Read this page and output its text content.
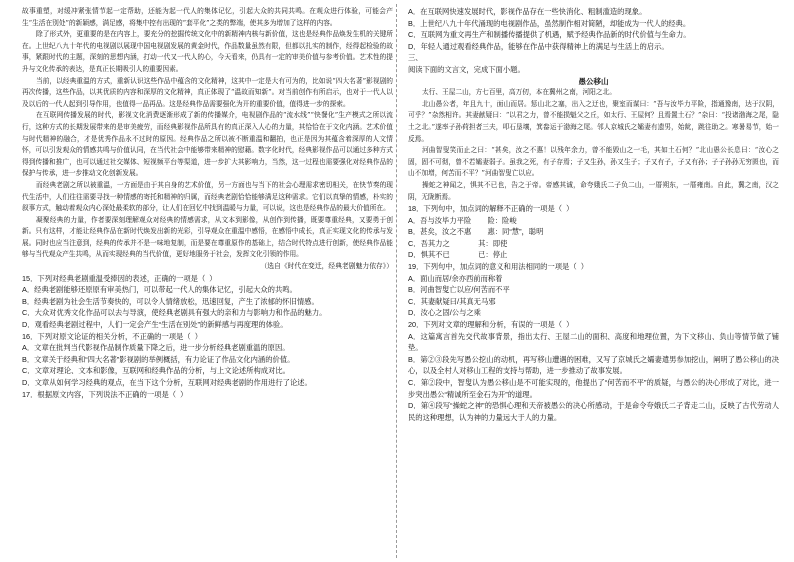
故事重塑，对缓冲紧张情节起一定帮助，还能为起一代人的集体记忆，引起大众的共同共鸣。在观众进行体验，可能会产生“生活在别处”的新颖感，满足感，将集中控有出现的“套平化”之类的弊端，使其多为增加了这样的内容。

除了形式外，更重要的是在内容上，要充分的挖掘传统文化中的新精神内核与新价值，这也是经典作品焕发生机的关键所在。上世纪八九十年代的电视剧以展现中国电视剧发展的黄金时代，作品数量虽然有限，但都以扎实的制作，经得起检验的故事，紧跟时代的主题，深刻的思想内涵，打动一代又一代人的心，今天看来，仍具有一定的审美价值与参考价值。艺术性的提升与文化传承的表达，是真正长期吸引人的重要因素。

当前，以经典重温的方式，重新认识这些作品中蕴含的文化精神，这其中一定是大有可为的，比如说“四大名著”影视剧的再次传播，这些作品，以其优质的内容和深厚的文化精神，真正体现了“温故而知新”。对当前创作有所启示，也对于一代人以及以后的一代人起到引导作用，也值得一品再品。这是经典作品需要强化为开的重要价值，值得进一步的探索。

在互联网传播发展的时代，影视文化消费逐渐形成了新的传播媒介，电视剧作品的“流水线”“快餐化”生产模式之所以流行，这种方式的长期发展带来的是审美疲劳，而经典影视作品所具有的真正深入人心的力量，其恰恰在于文化内涵。艺术价值与时代精神的融合，才是优秀作品永不过时的原因。经典作品之所以被不断重温和翻拍，也正是因为其蕴含着深厚的人文情怀，可以引发观众的情感共鸣与价值认同，在当代社会中能够带来精神的慰藉。数字化时代，经典影视作品可以通过多种方式得到传播和推广，也可以通过社交媒体、短视频平台等渠道，进一步扩大其影响力，当然，这一过程也需要强化对经典作品的保护与传承，进一步推动文化创新发展。

而经典老剧之所以被重温，一方面是由于其自身的艺术价值，另一方面也与当下的社会心理需求密切相关，在快节奏的现代生活中，人们往往需要寻找一种情感的寄托和精神的归属，而经典老剧恰恰能够满足这种需求。它们以真挚的情感，朴实的叙事方式，触动着观众内心深处最柔软的部分，让人们在回忆中找到温暖与力量，可以说，这也是经典作品的最大价值所在。

凝聚经典的力量，作者要深刻理解观众对经典的情感需求，从文本到影像，从创作到传播，既要尊重经典，又要勇于创新。只有这样，才能让经典作品在新时代焕发出新的光彩，引导观众在重温中感悟，在感悟中成长，真正实现文化的传承与发展。同时也应当注意到，经典的传承并不是一味地复制，而是要在尊重原作的基础上，结合时代特点进行创新，使经典作品能够与当代观众产生共鸣，从而实现经典的当代价值，更好地服务于社会，发挥文化引领的作用。

（选自《时代在变迁，经典老剧魅力依存》）

15．下列对经典老剧重温受捧因的表述，正确的一项是（  ）

A．经典老剧能够还原原有审美热门，可以带起一代人的集体记忆，引起大众的共鸣。

B．经典老剧为社会生活节奏快的，可以令人情绪放松，迅速回复，产生了浓郁的怀旧情感。

C．大众对优秀文化作品可以去与导演，使经典老剧具有强大的亲和力与影响力和作品的魅力。

D．观看经典老剧过程中，人们一定会产生“生活在别处”的新鲜感与再度理的体验。

16．下列对原文论证的相关分析，不正确的一项是（  ）

A．文章在批判当代影视作品制作质量下降之后，进一步分析经典老剧重温的原因。

B．文章关于经典和“四大名著”影视剧的举例概括，有力论证了作品文化内涵的价值。

C．文章对理论、文本和影像，互联网和经典作品的分析，与上文论述所构成对比。

D．文章从如何学习经典的观点，在当下这个分析，互联网对经典老剧的作用进行了论述。

17．根据原文内容，下列说法不正确的一项是（  ）

A．在互联网快速发展时代，影视作品存在一些快消化、粗制滥造的现象。

B．上世纪八九十年代涌现的电视剧作品，虽然制作相对简陋，却能成为一代人的经典。

C．互联网为重文再生产和制播传播提供了机遇，赋予经典作品新的时代价值与生命力。

D．年轻人通过观看经典作品，能够在作品中获得精神上的满足与生活上的启示。

三、

阅读下面的文言文，完成下面小题。

愚公移山

太行、王屋二山，方七百里，高万仞，本在冀州之南，河阳之北。

北山愚公者，年且九十，面山而居。惩山北之塞，出入之迂也，聚室而谋曰：“吾与汝毕力平险，指通豫南，达于汉阴，可乎？”杂然相许。其妻献疑曰：“以君之力，曾不能损魁父之丘，如太行、王屋何？且焉置土石？”杂曰：“投诸渤海之尾，隐土之北。”遂率子孙荷担者三夫，叩石垦壤，箕畚运于渤海之尾。邻人京城氏之孀妻有遗男，始龀，跳往助之。寒暑易节，始一反焉。

河曲智叟笑而止之曰：“甚矣，汝之不惠！以残年余力，曾不能毁山之一毛，其如土石何？”北山愚公长息曰：“汝心之固，固不可彻，曾不若孀妻弱子。虽我之死，有子存焉；子又生孙，孙又生子；子又有子，子又有孙；子子孙孙无穷匮也，而山不加增，何苦而不平？”河曲智叟亡以应。

操蛇之神闻之，惧其不已也，告之于帝。帝感其诚，命夸娥氏二子负二山，一厝朔东，一厝雍南。自此，冀之南，汉之阴，无陇断焉。

18．下列句中，加点词的解释不正确的一项是（  ）

A．吾与汝毕力平险        险：险峻

B．甚矣，汝之不惠        惠：同“慧”，聪明

C．吾其力之              其：即使

D．惧其不已              已：停止

19．下列句中，加点词的意义和用法相同的一项是（  ）

A．面山而居/余亦西前而称着

B．河曲智叟亡以应/何苦而不平

C．其妻献疑曰/其真无马邪

D．汝心之固/公与之乘

20．下列对文章的理解和分析，有误的一项是（  ）

A．这篇寓言首先交代故事背景，指出太行、王屋二山的面积、高度和地理位置，为下文移山、负山等情节做了铺垫。

B．第②③段先写愚公挖山的动机，再写移山遭遇的困难，又写了京城氏之孀妻遣男参加挖山，阐明了愚公移山的决心，以及全村人对移山工程的支持与帮助，进一步推动了故事发展。

C．第②段中，智叟认为愚公移山是不可能实现的，他提出了“何苦而不平”的质疑，与愚公的决心形成了对比，进一步突出愚公“精诚所至金石为开”的道理。

D．第④段写“操蛇之神”的恐惧心理和天帝被愚公的决心所感动，于是命令夸娥氏二子背走二山，反映了古代劳动人民的这种理想，认为神的力量远大于人的力量。
